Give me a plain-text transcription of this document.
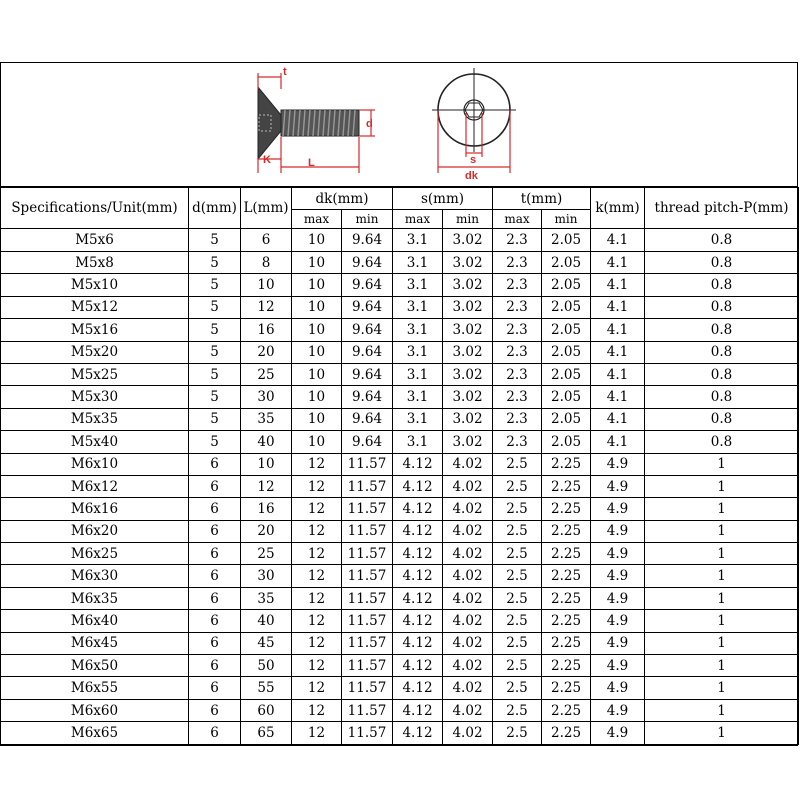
t
d
K	L	s
dk
Specifications/Unit(mm)	d(mm)	L(mm)	dk(mm)		s(mm)		t(mm)		k(mm)	thread pitch-P(mm)
			max	min	max	min	max	min		
M5x6	5	6	10	9.64	3.1	3.02	2.3	2.05	4.1	0.8
M5x8	5	8	10	9.64	3.1	3.02	2.3	2.05	4.1	0.8
M5x10	5	10	10	9.64	3.1	3.02	2.3	2.05	4.1	0.8
M5x12	5	12	10	9.64	3.1	3.02	2.3	2.05	4.1	0.8
M5x16	5	16	10	9.64	3.1	3.02	2.3	2.05	4.1	0.8
M5x20	5	20	10	9.64	3.1	3.02	2.3	2.05	4.1	0.8
M5x25	5	25	10	9.64	3.1	3.02	2.3	2.05	4.1	0.8
M5x30	5	30	10	9.64	3.1	3.02	2.3	2.05	4.1	0.8
M5x35	5	35	10	9.64	3.1	3.02	2.3	2.05	4.1	0.8
M5x40	5	40	10	9.64	3.1	3.02	2.3	2.05	4.1	0.8
M6x10	6	10	12	11.57	4.12	4.02	2.5	2.25	4.9	1
M6x12	6	12	12	11.57	4.12	4.02	2.5	2.25	4.9	1
M6x16	6	16	12	11.57	4.12	4.02	2.5	2.25	4.9	1
M6x20	6	20	12	11.57	4.12	4.02	2.5	2.25	4.9	1
M6x25	6	25	12	11.57	4.12	4.02	2.5	2.25	4.9	1
M6x30	6	30	12	11.57	4.12	4.02	2.5	2.25	4.9	1
M6x35	6	35	12	11.57	4.12	4.02	2.5	2.25	4.9	1
M6x40	6	40	12	11.57	4.12	4.02	2.5	2.25	4.9	1
M6x45	6	45	12	11.57	4.12	4.02	2.5	2.25	4.9	1
M6x50	6	50	12	11.57	4.12	4.02	2.5	2.25	4.9	1
M6x55	6	55	12	11.57	4.12	4.02	2.5	2.25	4.9	1
M6x60	6	60	12	11.57	4.12	4.02	2.5	2.25	4.9	1
M6x65	6	65	12	11.57	4.12	4.02	2.5	2.25	4.9	1
